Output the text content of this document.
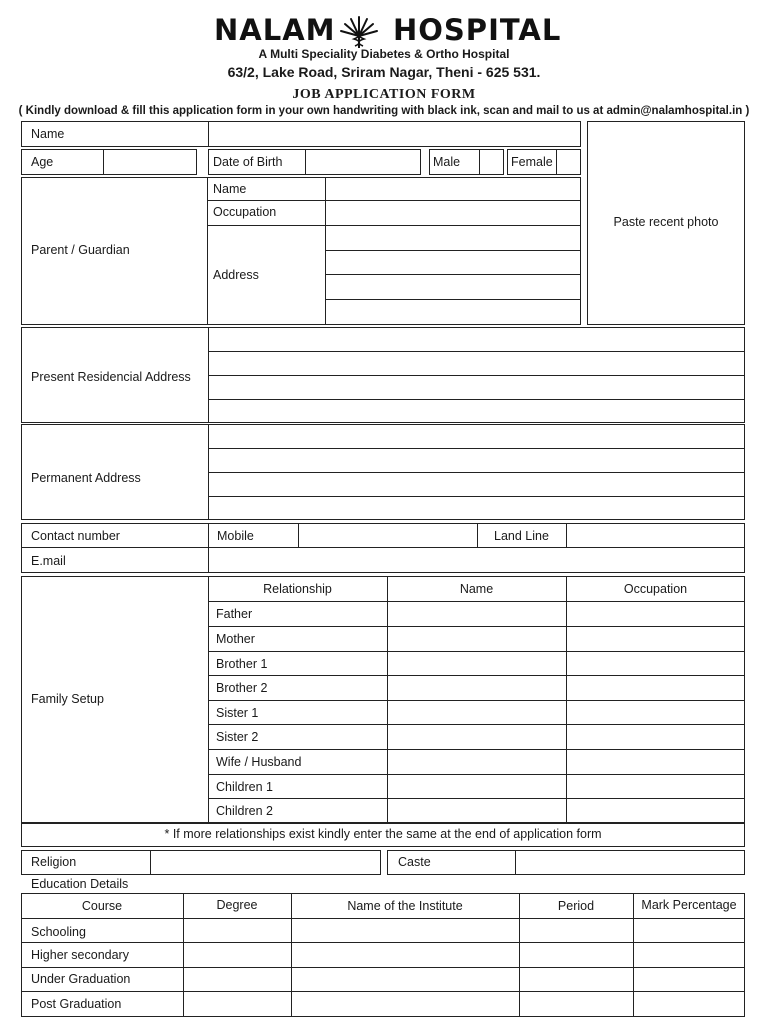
NALAM HOSPITAL
A Multi Speciality Diabetes & Ortho Hospital
63/2, Lake Road, Sriram Nagar, Theni - 625 531.
JOB APPLICATION FORM
( Kindly download & fill this application form in your own handwriting with black ink, scan and mail to us at admin@nalamhospital.in )
Name
Age	Date of Birth	Male	Female
Paste recent photo
Parent / Guardian
Name
Occupation
Address
Present Residencial Address
Permanent Address
Contact number	Mobile	Land Line
E.mail
Family Setup
Relationship	Name	Occupation
Father
Mother
Brother 1
Brother 2
Sister 1
Sister 2
Wife / Husband
Children 1
Children 2
* If more relationships exist kindly enter the same at the end of application form
Religion	Caste
Education Details
Course	Degree	Name of the Institute	Period	Mark Percentage
Schooling
Higher secondary
Under Graduation
Post Graduation
